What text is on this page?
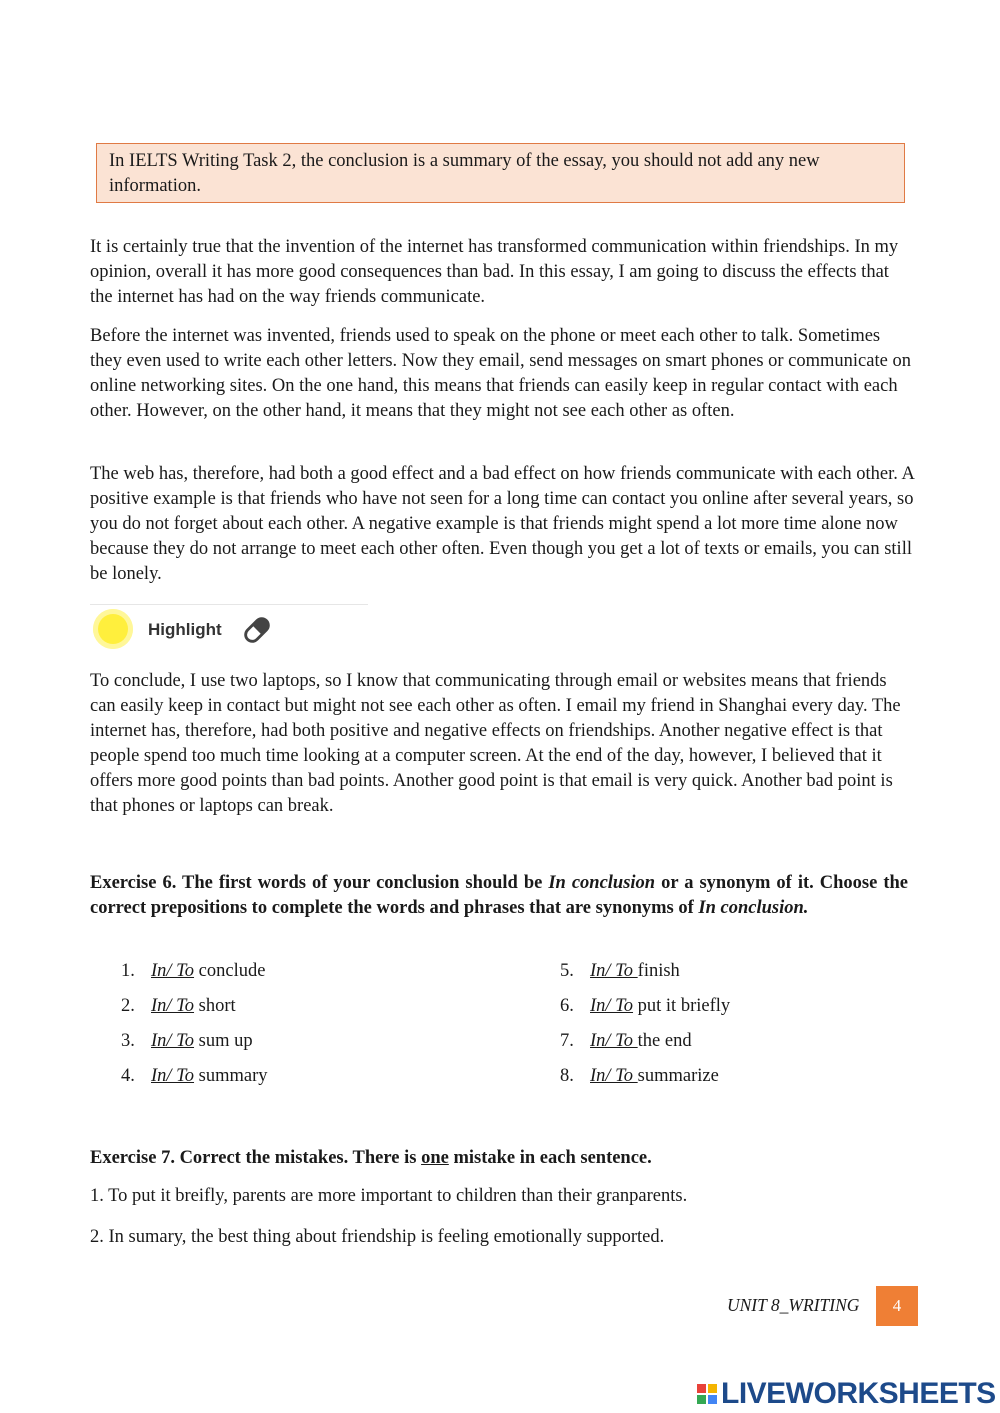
In IELTS Writing Task 2, the conclusion is a summary of the essay, you should not add any new information.

It is certainly true that the invention of the internet has transformed communication within friendships. In my opinion, overall it has more good consequences than bad. In this essay, I am going to discuss the effects that the internet has had on the way friends communicate.

Before the internet was invented, friends used to speak on the phone or meet each other to talk. Sometimes they even used to write each other letters. Now they email, send messages on smart phones or communicate on online networking sites. On the one hand, this means that friends can easily keep in regular contact with each other. However, on the other hand, it means that they might not see each other as often.

The web has, therefore, had both a good effect and a bad effect on how friends communicate with each other. A positive example is that friends who have not seen for a long time can contact you online after several years, so you do not forget about each other. A negative example is that friends might spend a lot more time alone now because they do not arrange to meet each other often. Even though you get a lot of texts or emails, you can still be lonely.

Highlight

To conclude, I use two laptops, so I know that communicating through email or websites means that friends can easily keep in contact but might not see each other as often. I email my friend in Shanghai every day. The internet has, therefore, had both positive and negative effects on friendships. Another negative effect is that people spend too much time looking at a computer screen. At the end of the day, however, I believed that it offers more good points than bad points. Another good point is that email is very quick. Another bad point is that phones or laptops can break.

Exercise 6. The first words of your conclusion should be In conclusion or a synonym of it. Choose the correct prepositions to complete the words and phrases that are synonyms of In conclusion.

1. In/ To conclude
2. In/ To short
3. In/ To sum up
4. In/ To summary
5. In/ To finish
6. In/ To put it briefly
7. In/ To the end
8. In/ To summarize

Exercise 7. Correct the mistakes. There is one mistake in each sentence.

1. To put it breifly, parents are more important to children than their granparents.

2. In sumary, the best thing about friendship is feeling emotionally supported.

UNIT 8_WRITING	4
LIVEWORKSHEETS
